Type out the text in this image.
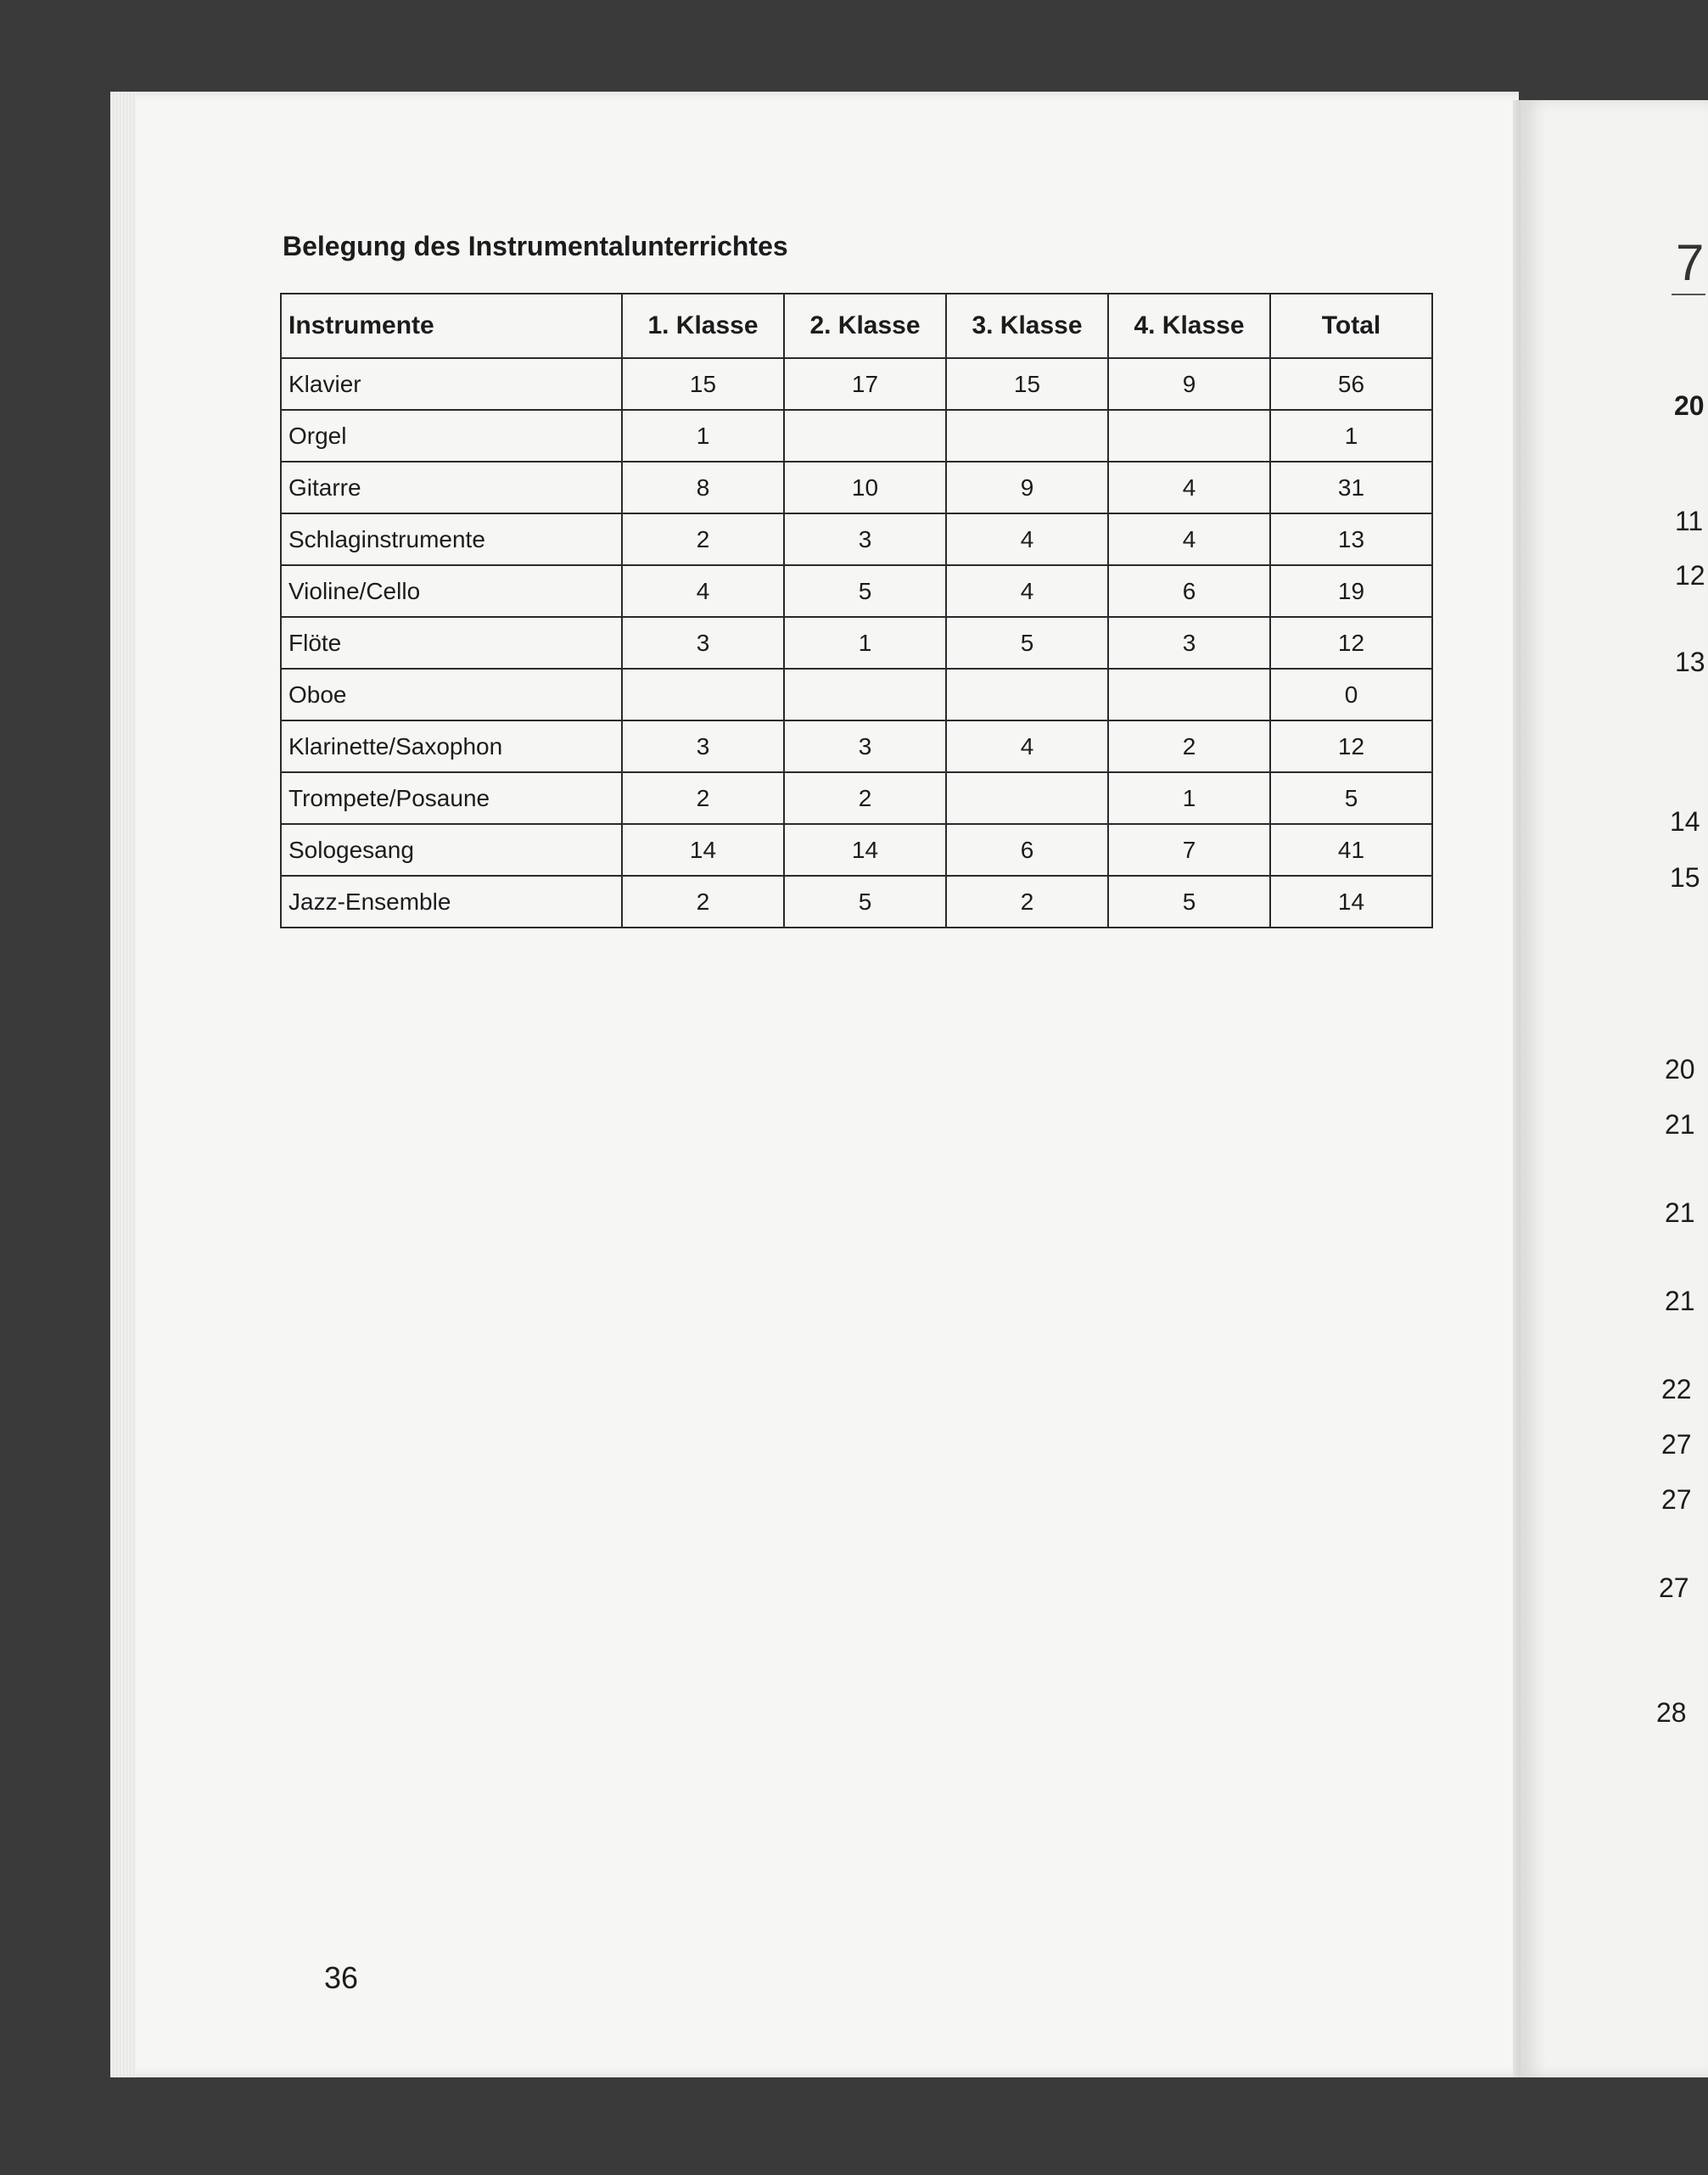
Belegung des Instrumentalunterrichtes
Instrumente	1. Klasse	2. Klasse	3. Klasse	4. Klasse	Total
Klavier	15	17	15	9	56
Orgel	1				1
Gitarre	8	10	9	4	31
Schlaginstrumente	2	3	4	4	13
Violine/Cello	4	5	4	6	19
Flöte	3	1	5	3	12
Oboe					0
Klarinette/Saxophon	3	3	4	2	12
Trompete/Posaune	2	2		1	5
Sologesang	14	14	6	7	41
Jazz-Ensemble	2	5	2	5	14
36
7
20
11
12
13
14
15
20
21
21
21
22
27
27
27
28
